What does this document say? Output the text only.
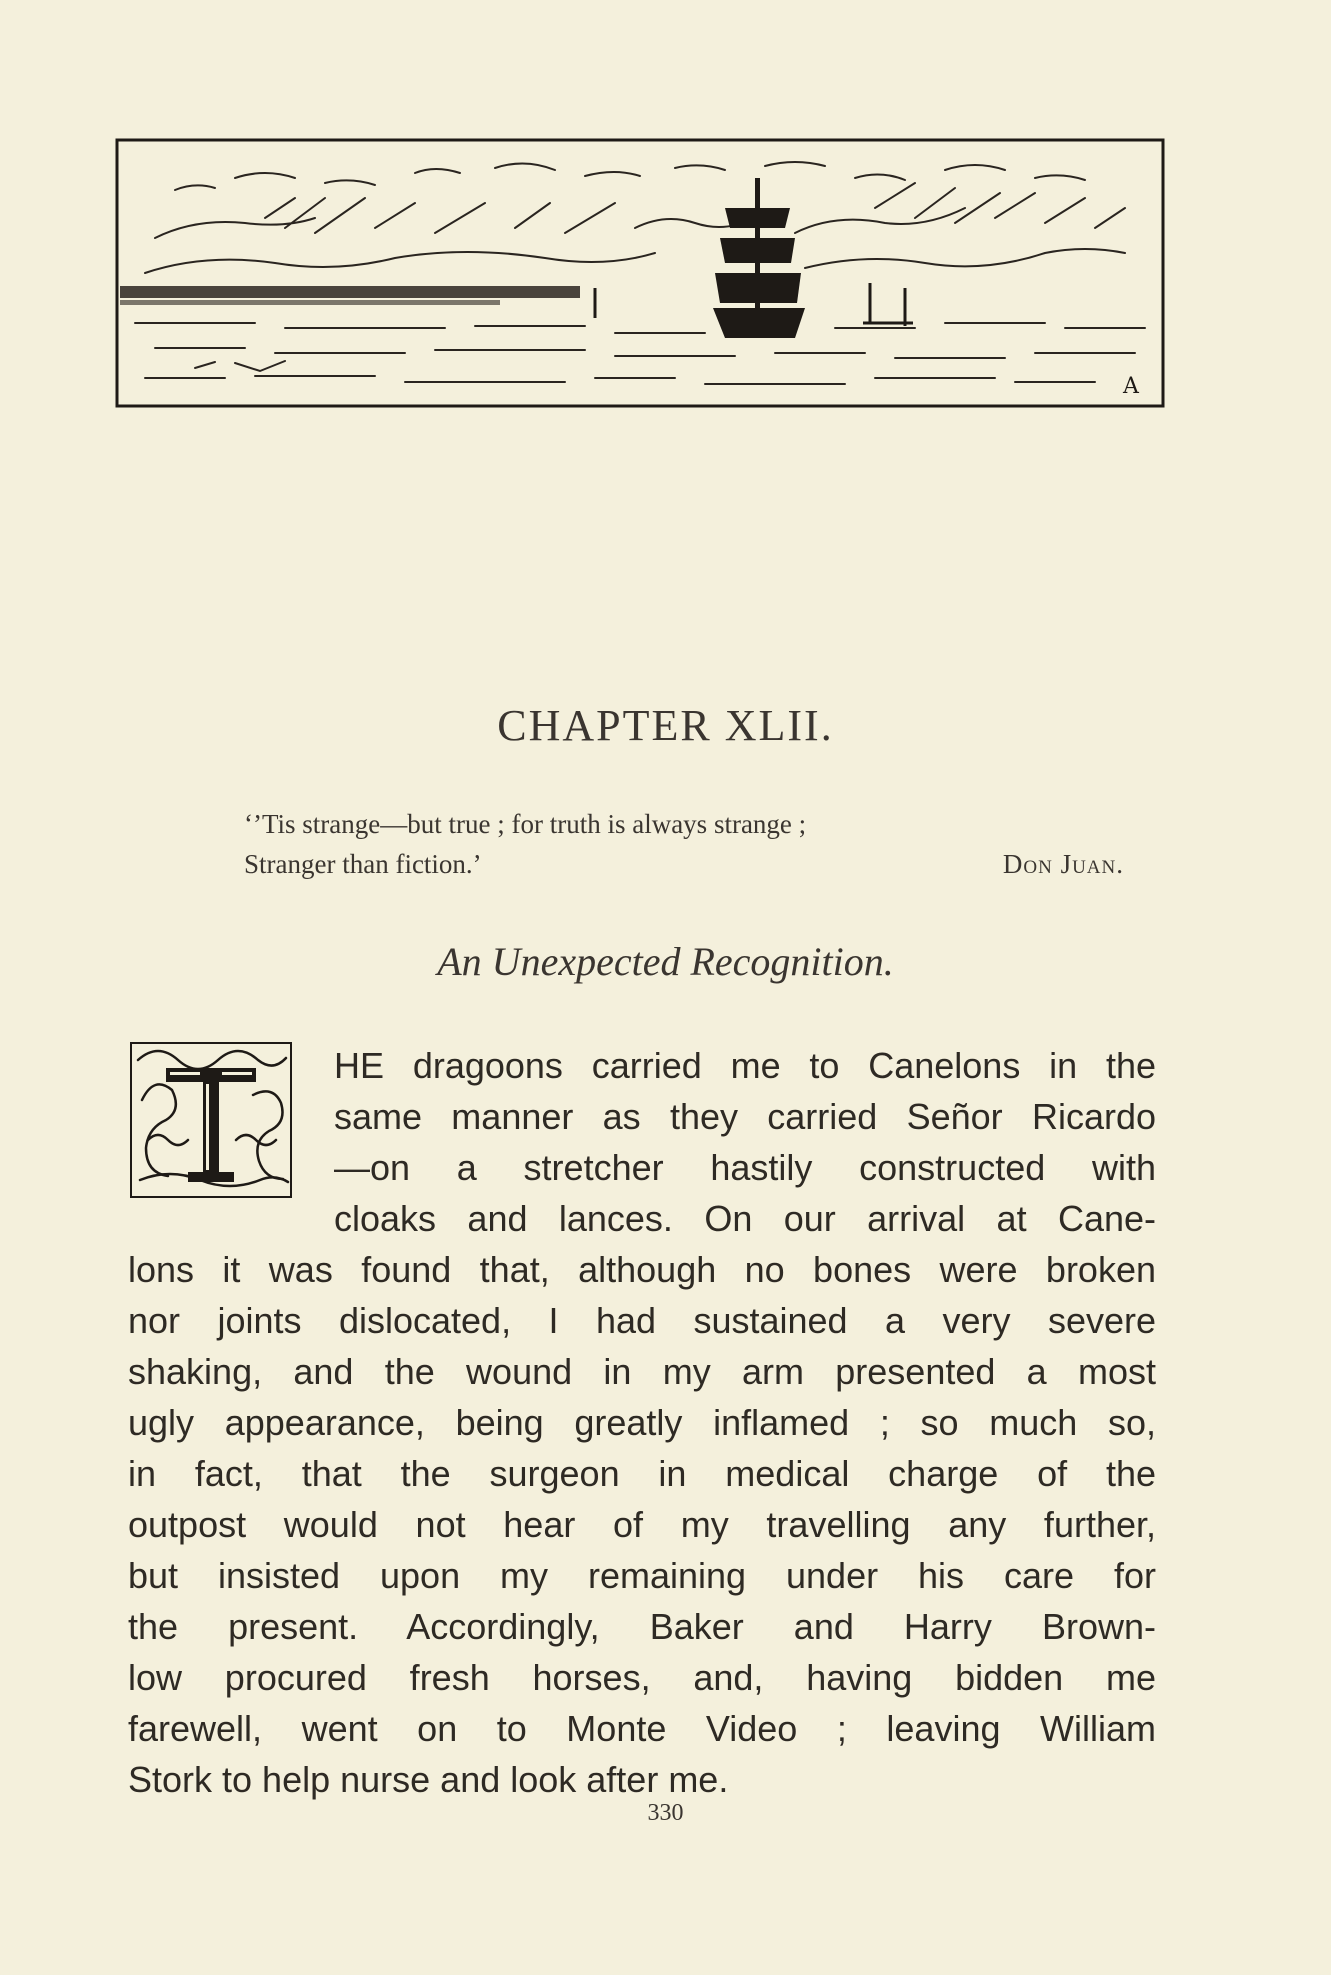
A
CHAPTER XLII.
‘’Tis strange—but true ; for truth is always strange ;
Stranger than fiction.’	Don Juan.
An Unexpected Recognition.
HE dragoons carried me to Canelons in the
same manner as they carried Señor Ricardo
—on a stretcher hastily constructed with
cloaks and lances. On our arrival at Cane-
lons it was found that, although no bones were broken
nor joints dislocated, I had sustained a very severe
shaking, and the wound in my arm presented a most
ugly appearance, being greatly inflamed ; so much so,
in fact, that the surgeon in medical charge of the
outpost would not hear of my travelling any further,
but insisted upon my remaining under his care for
the present. Accordingly, Baker and Harry Brown-
low procured fresh horses, and, having bidden me
farewell, went on to Monte Video ; leaving William
Stork to help nurse and look after me.
330
